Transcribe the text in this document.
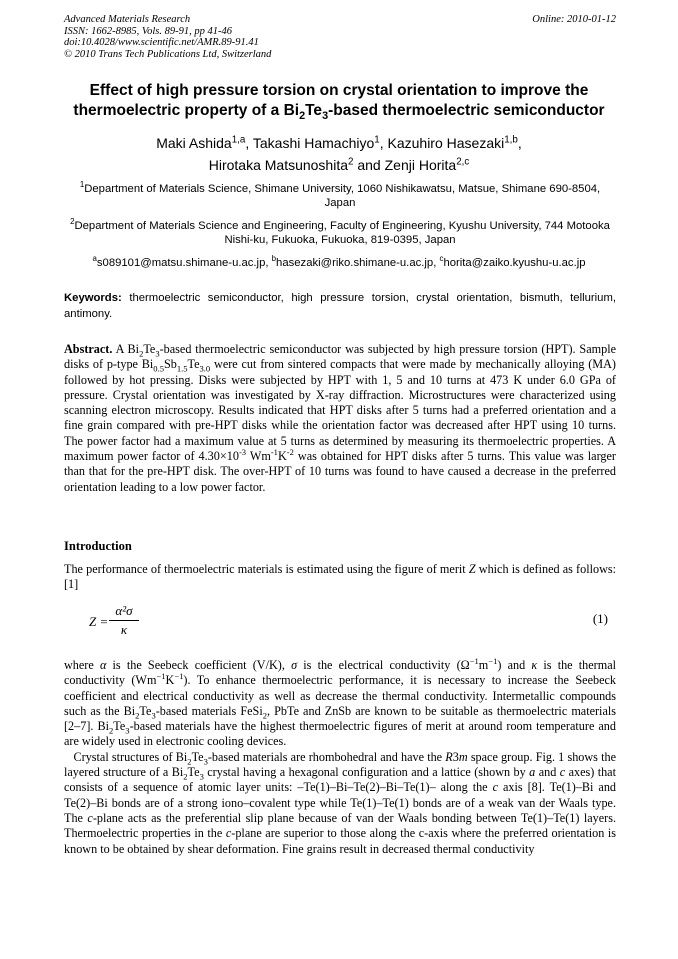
Advanced Materials Research
ISSN: 1662-8985, Vols. 89-91, pp 41-46
doi:10.4028/www.scientific.net/AMR.89-91.41
© 2010 Trans Tech Publications Ltd, Switzerland
Online: 2010-01-12
Effect of high pressure torsion on crystal orientation to improve the
thermoelectric property of a $Bi_2Te_3$-based thermoelectric semiconductor
Maki Ashida$^{1,a}$, Takashi Hamachiyo$^1$, Kazuhiro Hasezaki$^{1,b}$,
Hirotaka Matsunoshita$^2$ and Zenji Horita$^{2,c}$
$^1$Department of Materials Science, Shimane University, 1060 Nishikawatsu, Matsue, Shimane 690-8504, Japan
$^2$Department of Materials Science and Engineering, Faculty of Engineering, Kyushu University, 744 Motooka Nishi-ku, Fukuoka, Fukuoka, 819-0395, Japan
$^a$s089101@matsu.shimane-u.ac.jp, $^b$hasezaki@riko.shimane-u.ac.jp, $^c$horita@zaiko.kyushu-u.ac.jp
Keywords: thermoelectric semiconductor, high pressure torsion, crystal orientation, bismuth, tellurium, antimony.

Abstract. A $Bi_2Te_3$-based thermoelectric semiconductor was subjected by high pressure torsion (HPT). Sample disks of p-type $Bi_{0.5}Sb_{1.5}Te_{3.0}$ were cut from sintered compacts that were made by mechanically alloying (MA) followed by hot pressing. Disks were subjected by HPT with 1, 5 and 10 turns at 473 K under 6.0 GPa of pressure. Crystal orientation was investigated by X-ray diffraction. Microstructures were characterized using scanning electron microscopy. Results indicated that HPT disks after 5 turns had a preferred orientation and a fine grain compared with pre-HPT disks while the orientation factor was decreased after HPT using 10 turns. The power factor had a maximum value at 5 turns as determined by measuring its thermoelectric properties. A maximum power factor of $4.30\times 10^{-3}$ $Wm^{-1}K^{-2}$ was obtained for HPT disks after 5 turns. This value was larger than that for the pre-HPT disk. The over-HPT of 10 turns was found to have caused a decrease in the preferred orientation leading to a low power factor.

Introduction

The performance of thermoelectric materials is estimated using the figure of merit Z which is defined as follows: [1]

$Z = \frac{\text{α²σ}}{\kappa}$	(1)

where α is the Seebeck coefficient (V/K), σ is the electrical conductivity $(\Omega^{-1}m^{-1})$ and κ is the thermal conductivity $(Wm^{-1}K^{-1})$. To enhance thermoelectric performance, it is necessary to increase the Seebeck coefficient and electrical conductivity as well as decrease the thermal conductivity. Intermetallic compounds such as the $Bi_2Te_3$-based materials FeSi$_2$, PbTe and ZnSb are known to be suitable as thermoelectric materials [2–7]. $Bi_2Te_3$-based materials have the highest thermoelectric figures of merit at around room temperature and are widely used in electronic cooling devices.

Crystal structures of $Bi_2Te_3$-based materials are rhombohedral and have the R3m space group. Fig. 1 shows the layered structure of a $Bi_2Te_3$ crystal having a hexagonal configuration and a lattice (shown by a and c axes) that consists of a sequence of atomic layer units: –Te(1)–Bi–Te(2)–Bi–Te(1)– along the c axis [8]. Te(1)–Bi and Te(2)–Bi bonds are of a strong iono–covalent type while Te(1)–Te(1) bonds are of a weak van der Waals type. The c-plane acts as the preferential slip plane because of van der Waals bonding between Te(1)–Te(1) layers. Thermoelectric properties in the c-plane are superior to those along the c-axis where the preferred orientation is known to be obtained by shear deformation. Fine grains result in decreased thermal conductivity
